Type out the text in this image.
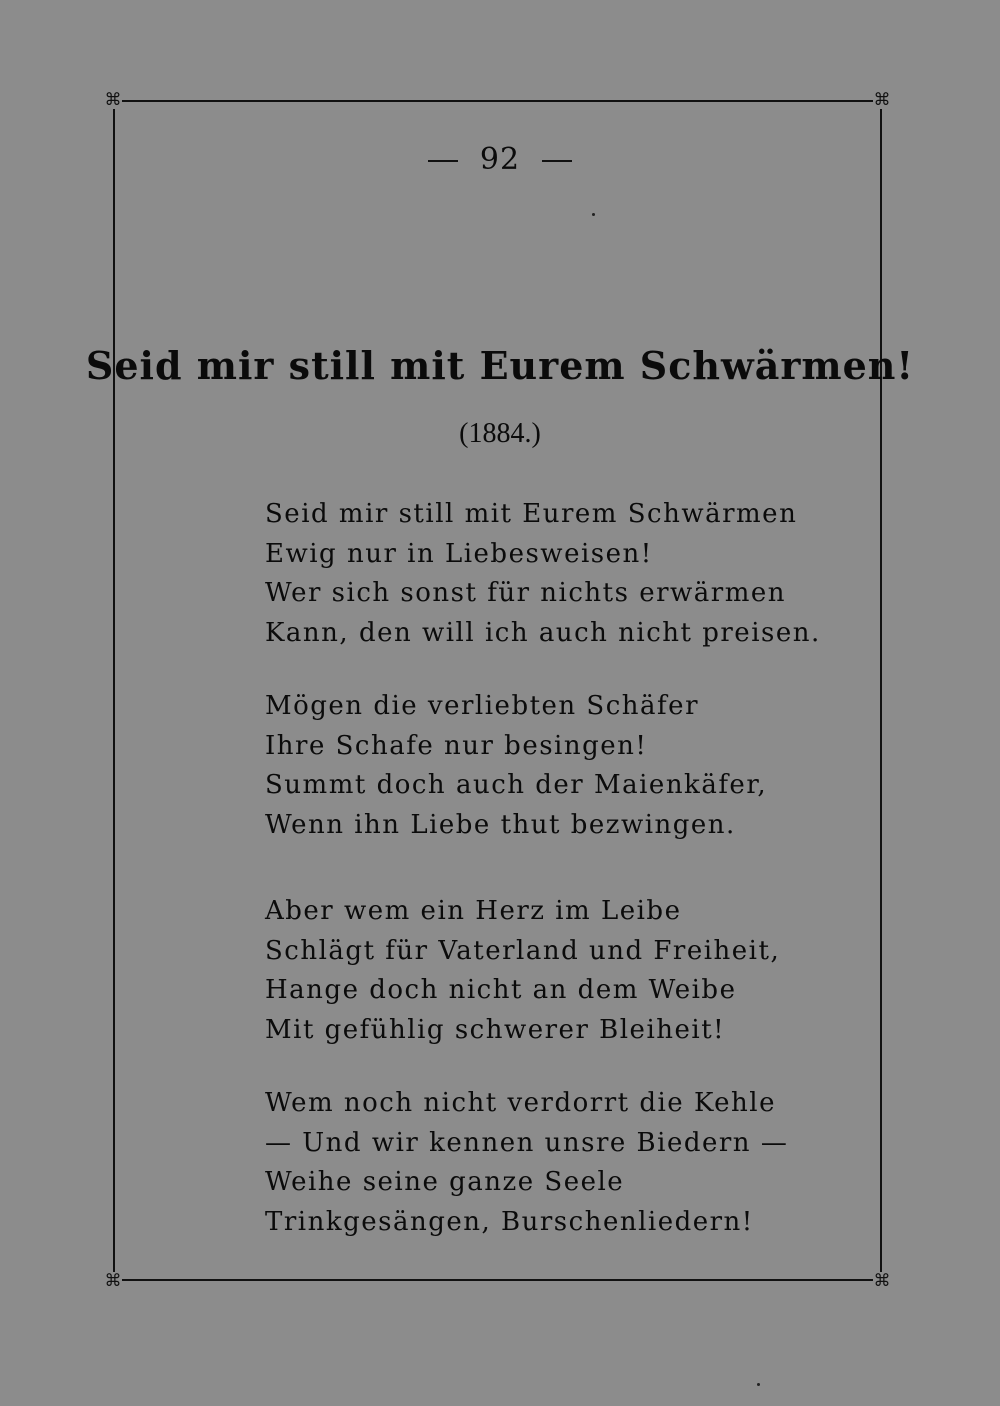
⌘	⌘
⌘	⌘
92
Seid mir still mit Eurem Schwärmen!
(1884.)
Seid mir still mit Eurem Schwärmen
Ewig nur in Liebesweisen!
Wer sich sonst für nichts erwärmen
Kann, den will ich auch nicht preisen.
Mögen die verliebten Schäfer
Ihre Schafe nur besingen!
Summt doch auch der Maienkäfer,
Wenn ihn Liebe thut bezwingen.
Aber wem ein Herz im Leibe
Schlägt für Vaterland und Freiheit,
Hange doch nicht an dem Weibe
Mit gefühlig schwerer Bleiheit!
Wem noch nicht verdorrt die Kehle
— Und wir kennen unsre Biedern —
Weihe seine ganze Seele
Trinkgesängen, Burschenliedern!
